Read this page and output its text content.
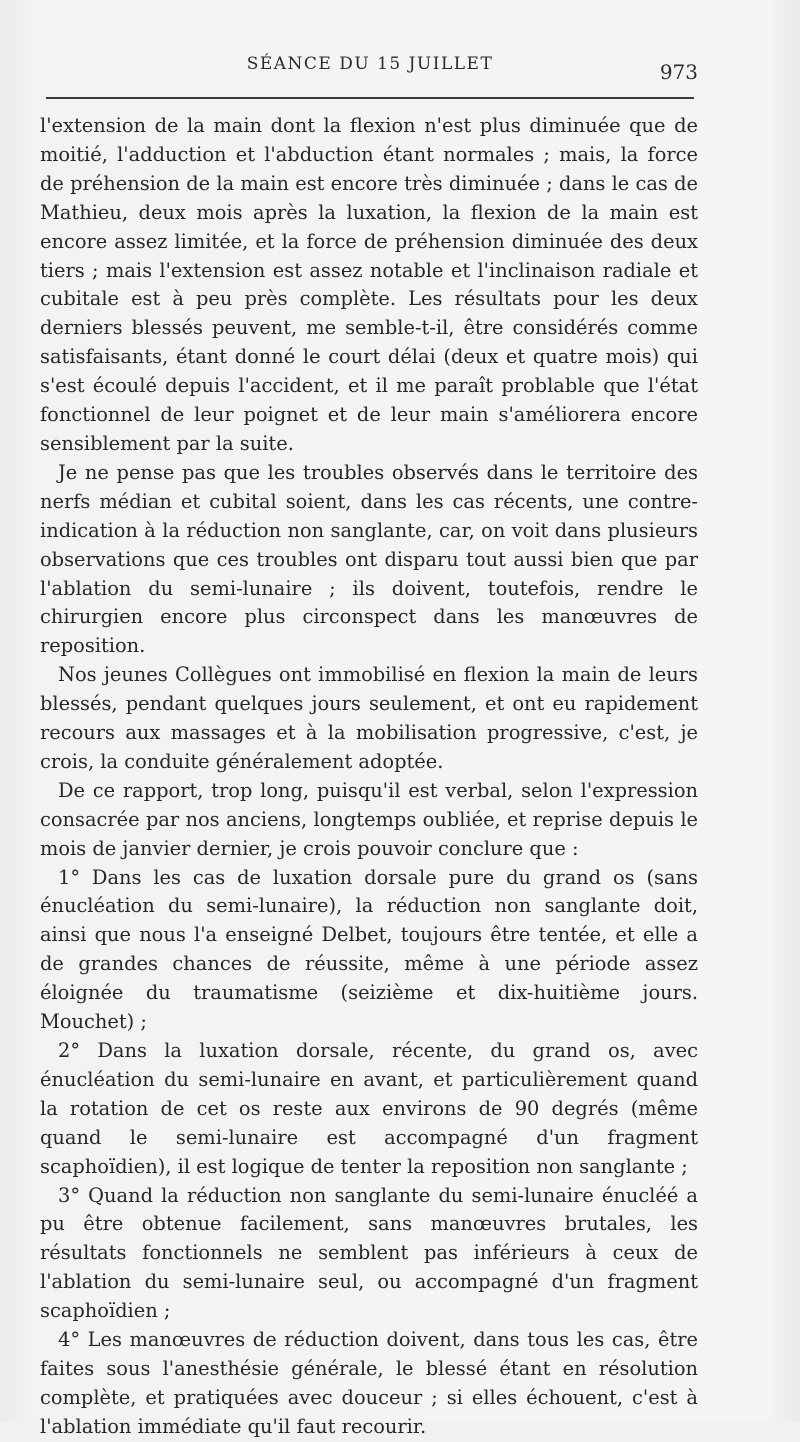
SÉANCE DU 15 JUILLET	973

l'extension de la main dont la flexion n'est plus diminuée que de moitié, l'adduction et l'abduction étant normales ; mais, la force de préhension de la main est encore très diminuée ; dans le cas de Mathieu, deux mois après la luxation, la flexion de la main est encore assez limitée, et la force de préhension diminuée des deux tiers ; mais l'extension est assez notable et l'inclinaison radiale et cubitale est à peu près complète. Les résultats pour les deux derniers blessés peuvent, me semble-t-il, être considérés comme satisfaisants, étant donné le court délai (deux et quatre mois) qui s'est écoulé depuis l'accident, et il me paraît problable que l'état fonctionnel de leur poignet et de leur main s'améliorera encore sensiblement par la suite.

Je ne pense pas que les troubles observés dans le territoire des nerfs médian et cubital soient, dans les cas récents, une contre-indication à la réduction non sanglante, car, on voit dans plusieurs observations que ces troubles ont disparu tout aussi bien que par l'ablation du semi-lunaire ; ils doivent, toutefois, rendre le chirurgien encore plus circonspect dans les manœuvres de reposition.

Nos jeunes Collègues ont immobilisé en flexion la main de leurs blessés, pendant quelques jours seulement, et ont eu rapidement recours aux massages et à la mobilisation progressive, c'est, je crois, la conduite généralement adoptée.

De ce rapport, trop long, puisqu'il est verbal, selon l'expression consacrée par nos anciens, longtemps oubliée, et reprise depuis le mois de janvier dernier, je crois pouvoir conclure que :

1° Dans les cas de luxation dorsale pure du grand os (sans énucléation du semi-lunaire), la réduction non sanglante doit, ainsi que nous l'a enseigné Delbet, toujours être tentée, et elle a de grandes chances de réussite, même à une période assez éloignée du traumatisme (seizième et dix-huitième jours. Mouchet) ;

2° Dans la luxation dorsale, récente, du grand os, avec énucléation du semi-lunaire en avant, et particulièrement quand la rotation de cet os reste aux environs de 90 degrés (même quand le semi-lunaire est accompagné d'un fragment scaphoïdien), il est logique de tenter la reposition non sanglante ;

3° Quand la réduction non sanglante du semi-lunaire énucléé a pu être obtenue facilement, sans manœuvres brutales, les résultats fonctionnels ne semblent pas inférieurs à ceux de l'ablation du semi-lunaire seul, ou accompagné d'un fragment scaphoïdien ;

4° Les manœuvres de réduction doivent, dans tous les cas, être faites sous l'anesthésie générale, le blessé étant en résolution complète, et pratiquées avec douceur ; si elles échouent, c'est à l'ablation immédiate qu'il faut recourir.
